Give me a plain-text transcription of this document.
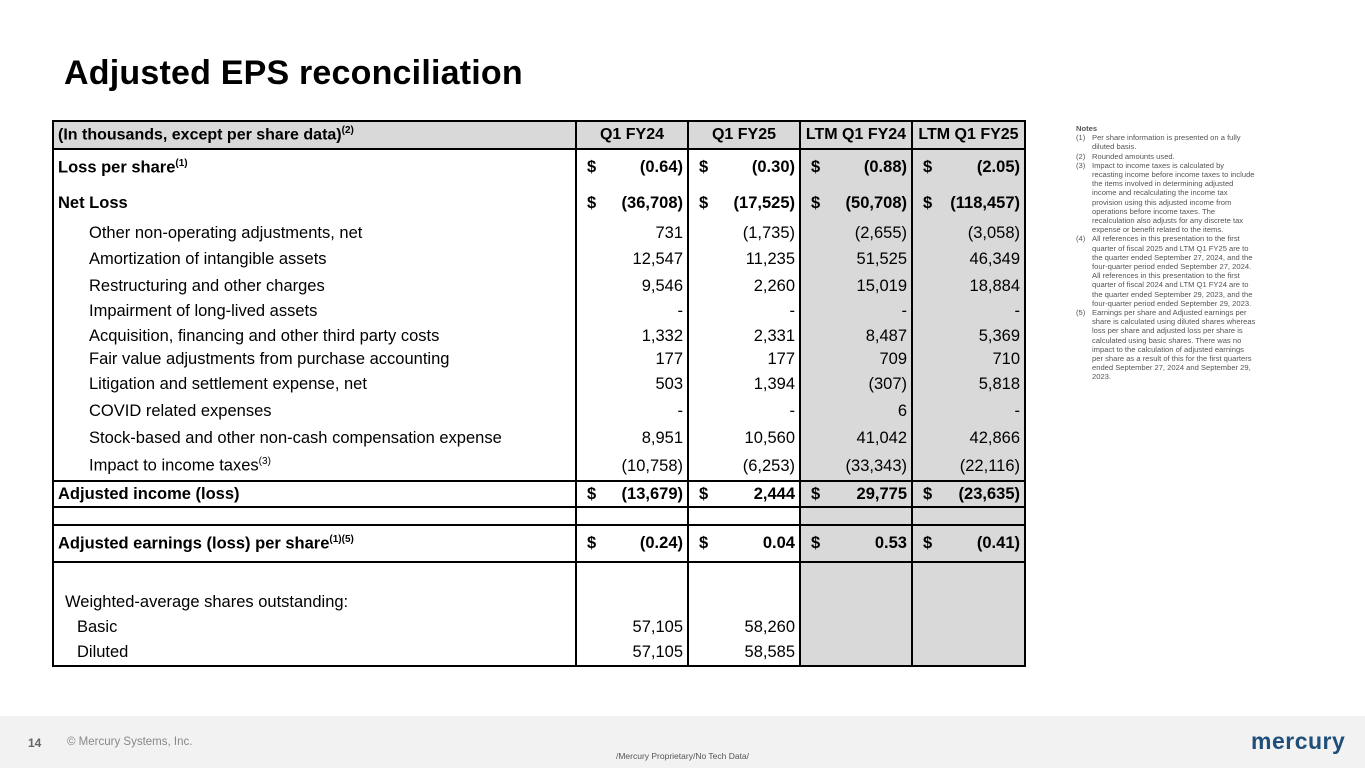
Adjusted EPS reconciliation
(In thousands, except per share data)$^{(2)}$	Q1 FY24	Q1 FY25	LTM Q1 FY24	LTM Q1 FY25
Loss per share$^{(1)}$	$ (0.64)	$ (0.30)	$ (0.88)	$ (2.05)

Net Loss	$ (36,708)	$ (17,525)	$ (50,708)	$ (118,457)

Other non-operating adjustments, net	731	(1,735)	(2,655)	(3,058)
Amortization of intangible assets	12,547	11,235	51,525	46,349
Restructuring and other charges	9,546	2,260	15,019	18,884
Impairment of long-lived assets	-	-	-	-
Acquisition, financing and other third party costs	1,332	2,331	8,487	5,369
Fair value adjustments from purchase accounting	177	177	709	710
Litigation and settlement expense, net	503	1,394	(307)	5,818
COVID related expenses	-	-	6	-
Stock-based and other non-cash compensation expense	8,951	10,560	41,042	42,866
Impact to income taxes$^{(3)}$	(10,758)	(6,253)	(33,343)	(22,116)
Adjusted income (loss)	$ (13,679)	$ 2,444	$ 29,775	$ (23,635)

Adjusted earnings (loss) per share$^{(1)(5)}$	$ (0.24)	$ 0.04	$ 0.53	$ (0.41)

Weighted-average shares outstanding:				
Basic	57,105	58,260		
Diluted	57,105	58,585		
Notes
(1) Per share information is presented on a fully diluted basis.
(2) Rounded amounts used.
(3) Impact to income taxes is calculated by recasting income before income taxes to include the items involved in determining adjusted income and recalculating the income tax provision using this adjusted income from operations before income taxes. The recalculation also adjusts for any discrete tax expense or benefit related to the items.
(4) All references in this presentation to the first quarter of fiscal 2025 and LTM Q1 FY25 are to the quarter ended September 27, 2024, and the four-quarter period ended September 27, 2024. All references in this presentation to the first quarter of fiscal 2024 and LTM Q1 FY24 are to the quarter ended September 29, 2023, and the four-quarter period ended September 29, 2023.
(5) Earnings per share and Adjusted earnings per share is calculated using diluted shares whereas loss per share and adjusted loss per share is calculated using basic shares. There was no impact to the calculation of adjusted earnings per share as a result of this for the first quarters ended September 27, 2024 and September 29, 2023.
14 © Mercury Systems, Inc.
/Mercury Proprietary/No Tech Data/
mercury
